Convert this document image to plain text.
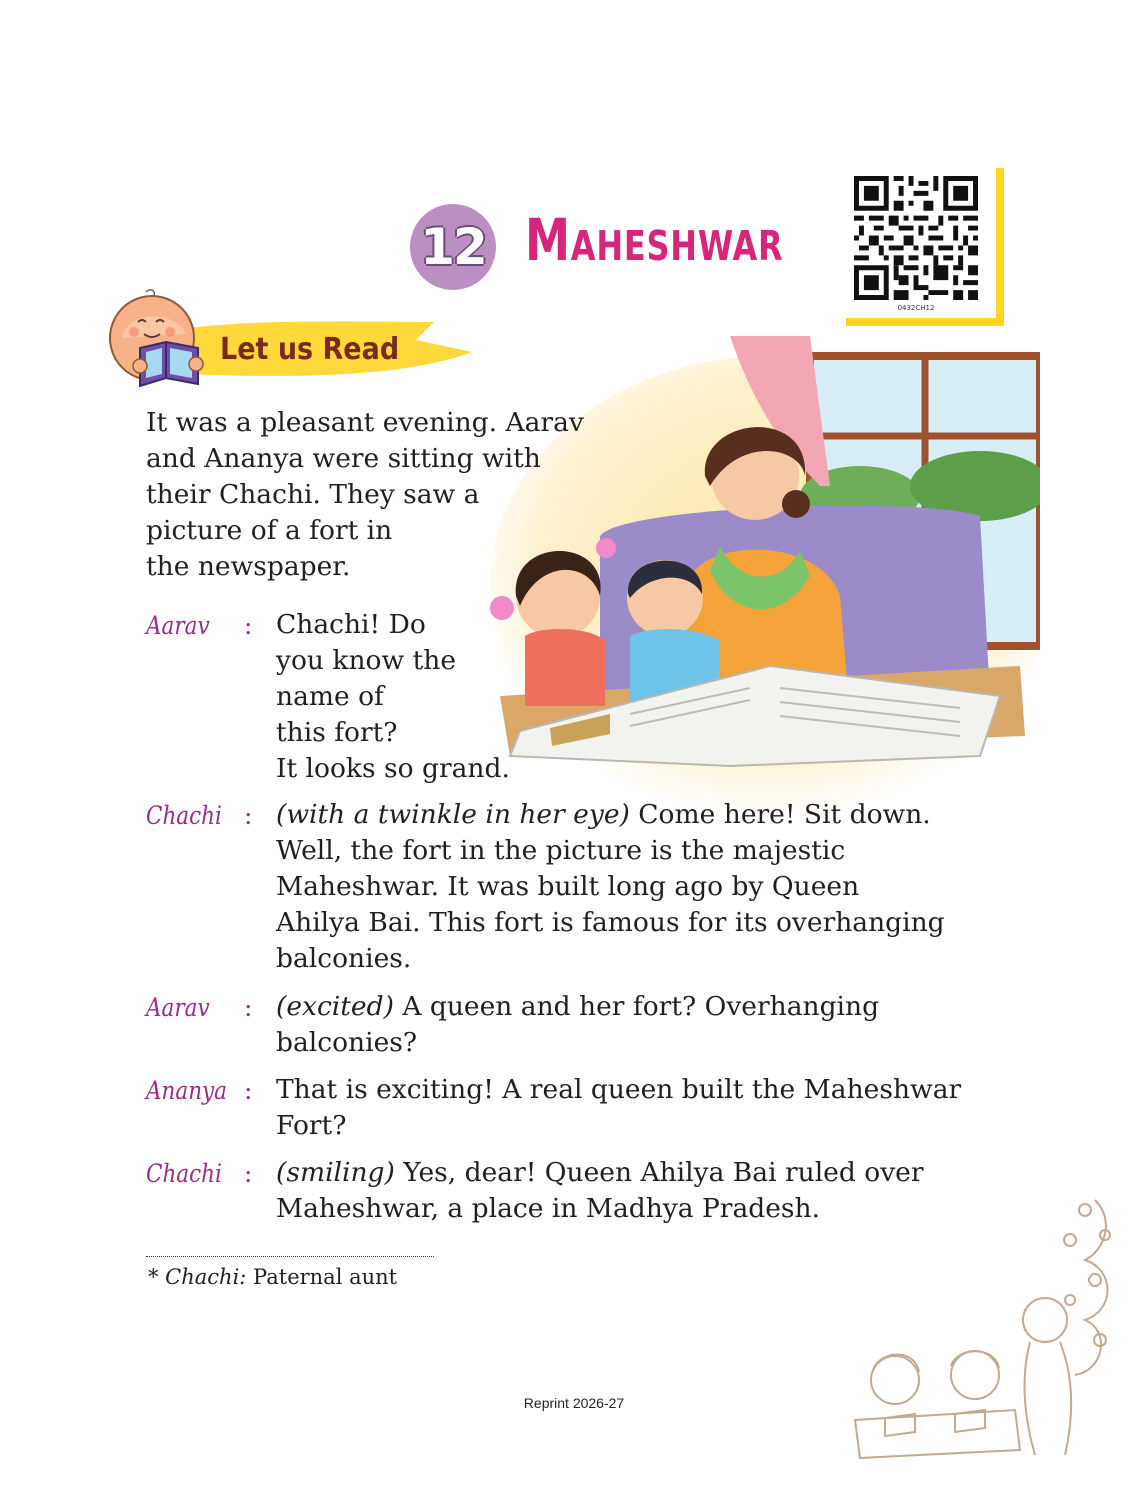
12 Maheshwar
0432CH12
Let us Read
It was a pleasant evening. Aarav
and Ananya were sitting with
their Chachi. They saw a
picture of a fort in
the newspaper.
Aarav : Chachi! Do
you know the
name of
this fort?
It looks so grand.
Chachi : (with a twinkle in her eye) Come here! Sit down.
Well, the fort in the picture is the majestic
Maheshwar. It was built long ago by Queen
Ahilya Bai. This fort is famous for its overhanging
balconies.
Aarav : (excited) A queen and her fort? Overhanging
balconies?
Ananya : That is exciting! A real queen built the Maheshwar
Fort?
Chachi : (smiling) Yes, dear! Queen Ahilya Bai ruled over
Maheshwar, a place in Madhya Pradesh.
* Chachi: Paternal aunt
Reprint 2026-27
